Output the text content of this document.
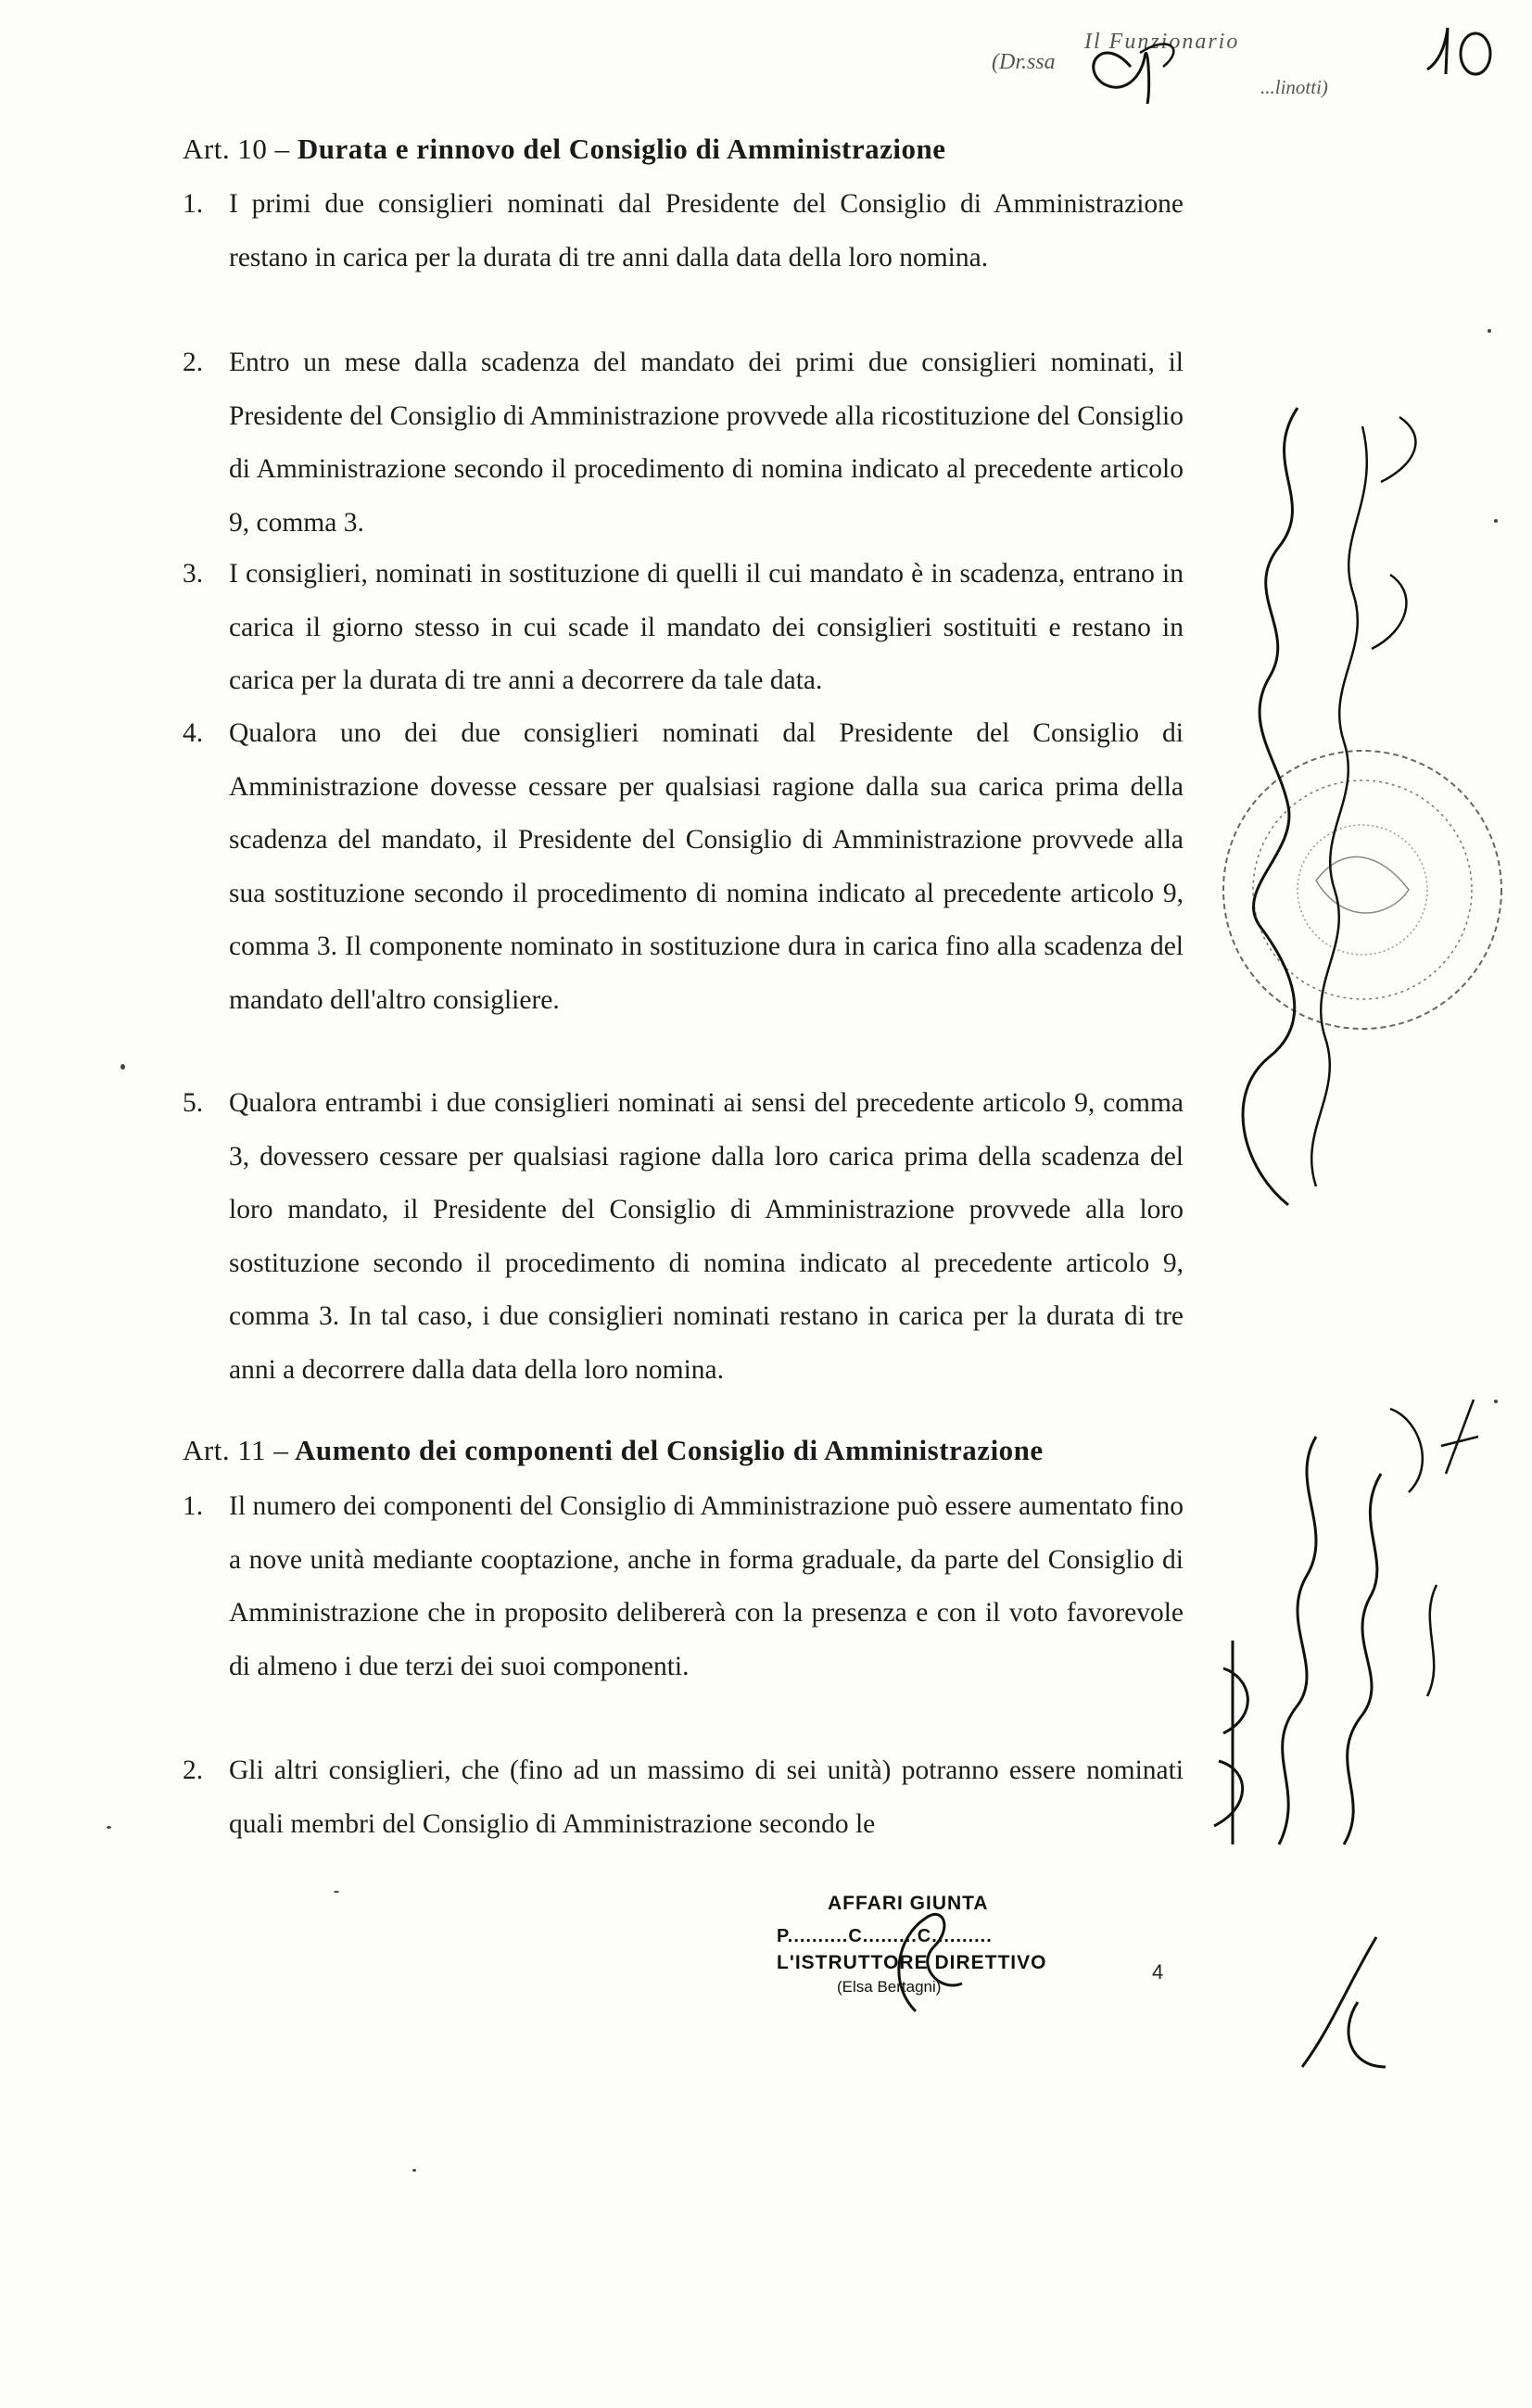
Il Funzionario
(Dr.ssa
...linotti)
Art. 10 – Durata e rinnovo del Consiglio di Amministrazione
1. I primi due consiglieri nominati dal Presidente del Consiglio di Amministrazione restano in carica per la durata di tre anni dalla data della loro nomina.
2. Entro un mese dalla scadenza del mandato dei primi due consiglieri nominati, il Presidente del Consiglio di Amministrazione provvede alla ricostituzione del Consiglio di Amministrazione secondo il procedimento di nomina indicato al precedente articolo 9, comma 3.
3. I consiglieri, nominati in sostituzione di quelli il cui mandato è in scadenza, entrano in carica il giorno stesso in cui scade il mandato dei consiglieri sostituiti e restano in carica per la durata di tre anni a decorrere da tale data.
4. Qualora uno dei due consiglieri nominati dal Presidente del Consiglio di Amministrazione dovesse cessare per qualsiasi ragione dalla sua carica prima della scadenza del mandato, il Presidente del Consiglio di Amministrazione provvede alla sua sostituzione secondo il procedimento di nomina indicato al precedente articolo 9, comma 3. Il componente nominato in sostituzione dura in carica fino alla scadenza del mandato dell'altro consigliere.
5. Qualora entrambi i due consiglieri nominati ai sensi del precedente articolo 9, comma 3, dovessero cessare per qualsiasi ragione dalla loro carica prima della scadenza del loro mandato, il Presidente del Consiglio di Amministrazione provvede alla loro sostituzione secondo il procedimento di nomina indicato al precedente articolo 9, comma 3. In tal caso, i due consiglieri nominati restano in carica per la durata di tre anni a decorrere dalla data della loro nomina.
Art. 11 – Aumento dei componenti del Consiglio di Amministrazione
1. Il numero dei componenti del Consiglio di Amministrazione può essere aumentato fino a nove unità mediante cooptazione, anche in forma graduale, da parte del Consiglio di Amministrazione che in proposito delibererà con la presenza e con il voto favorevole di almeno i due terzi dei suoi componenti.
2. Gli altri consiglieri, che (fino ad un massimo di sei unità) potranno essere nominati quali membri del Consiglio di Amministrazione secondo le
AFFARI GIUNTA
P..........C.........C..........
L'ISTRUTTORE DIRETTIVO
(Elsa Bertagni)
4
